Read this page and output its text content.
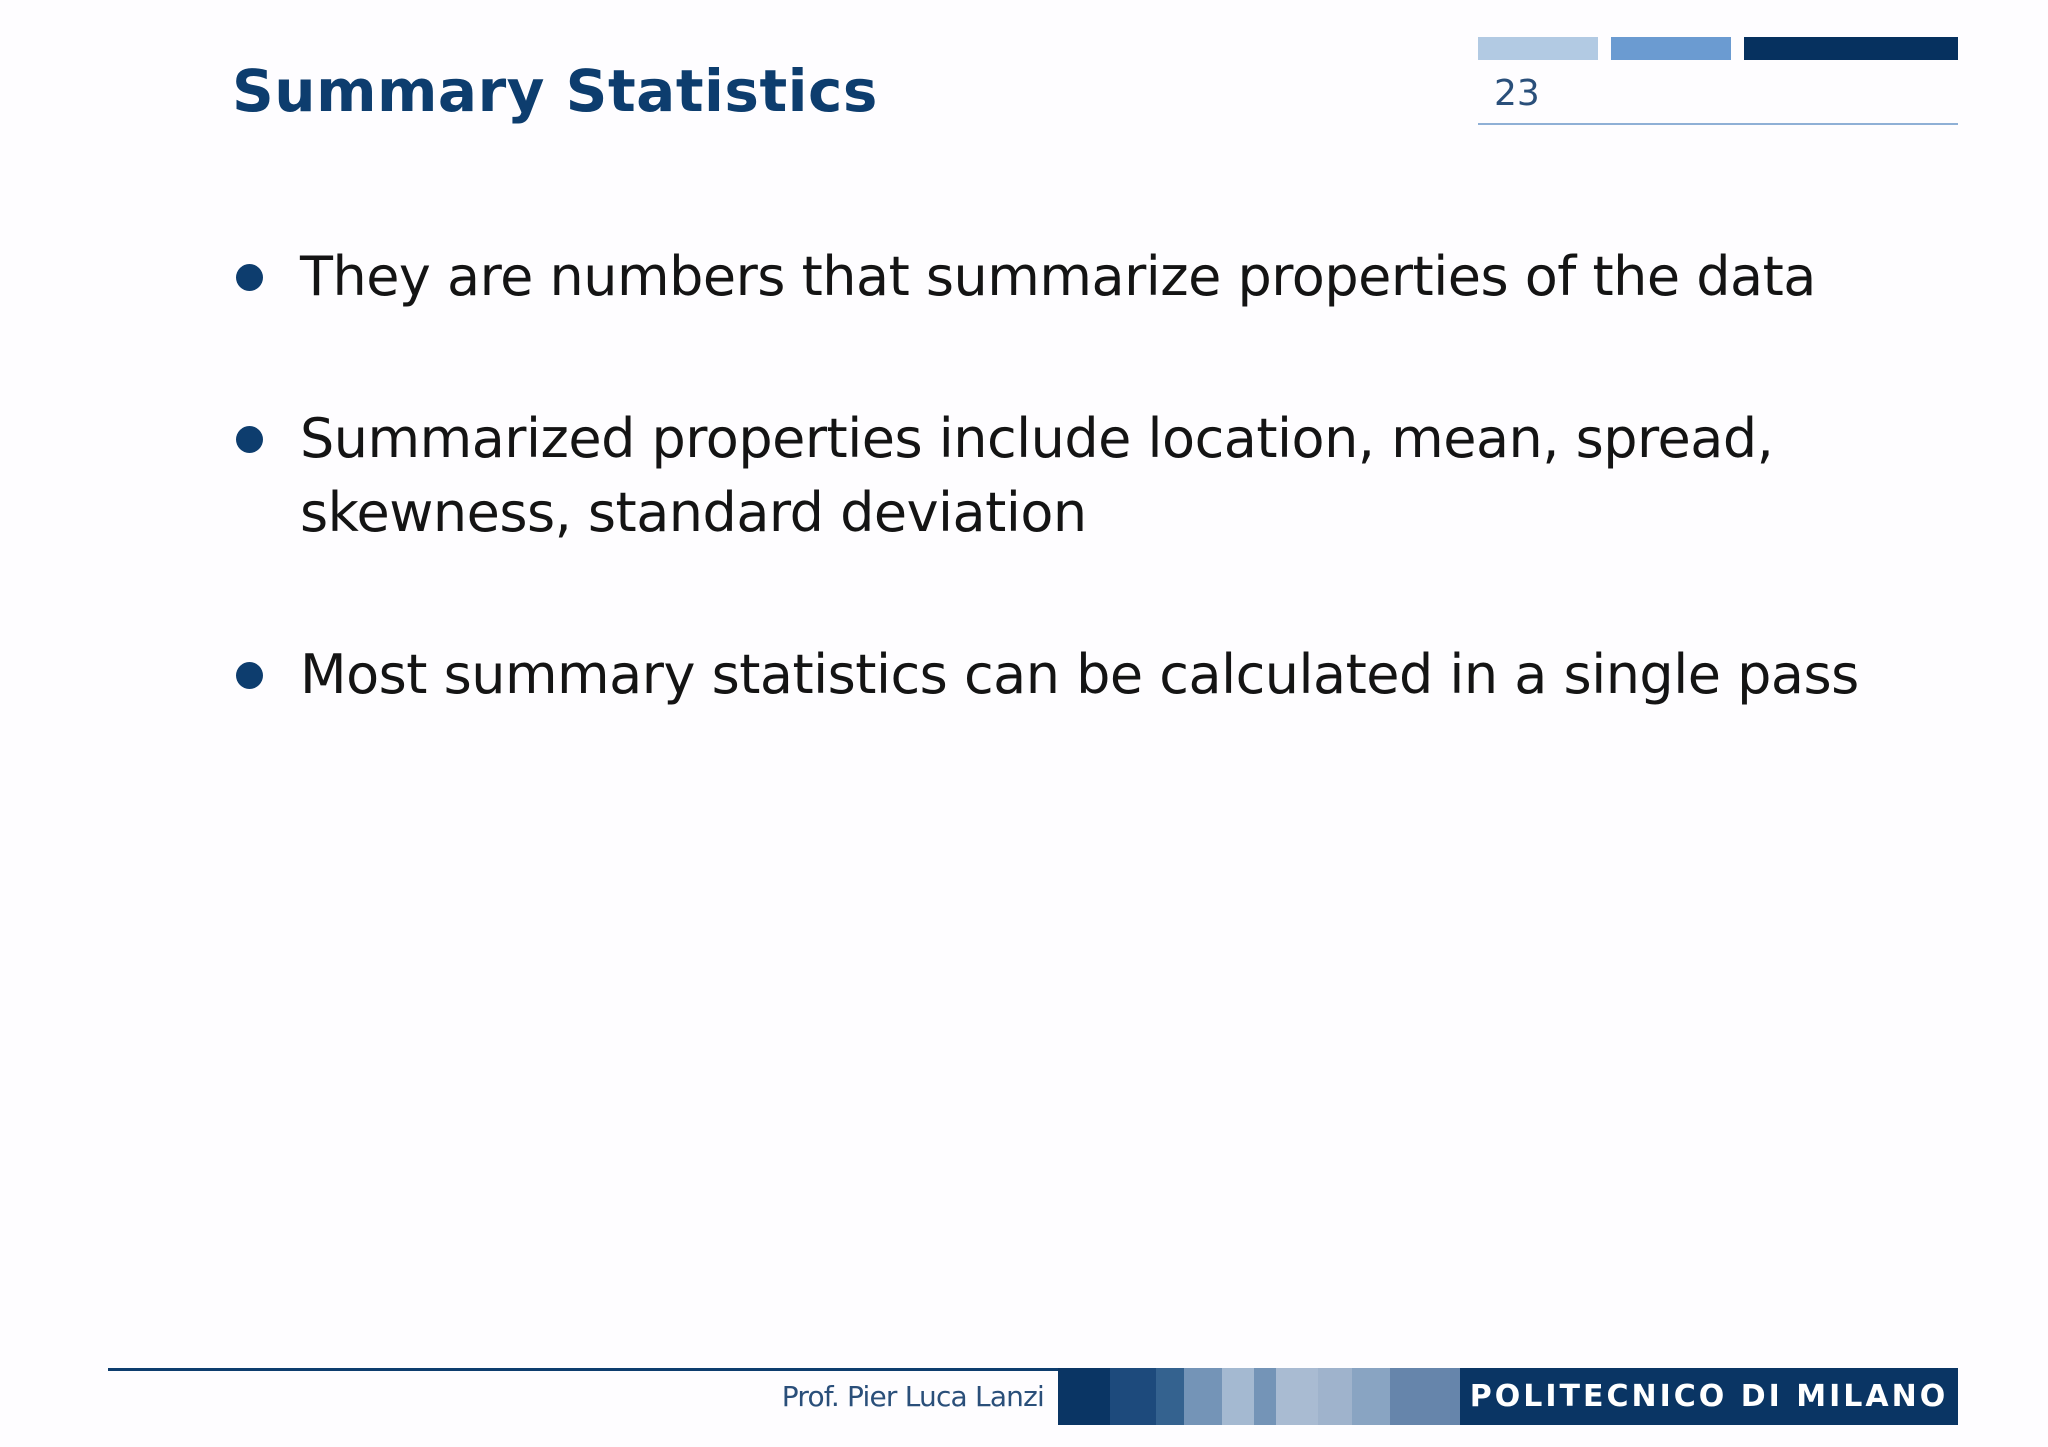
Summary Statistics	23
They are numbers that summarize properties of the data
Summarized properties include location, mean, spread, skewness, standard deviation
Most summary statistics can be calculated in a single pass
Prof. Pier Luca Lanzi	POLITECNICO DI MILANO
